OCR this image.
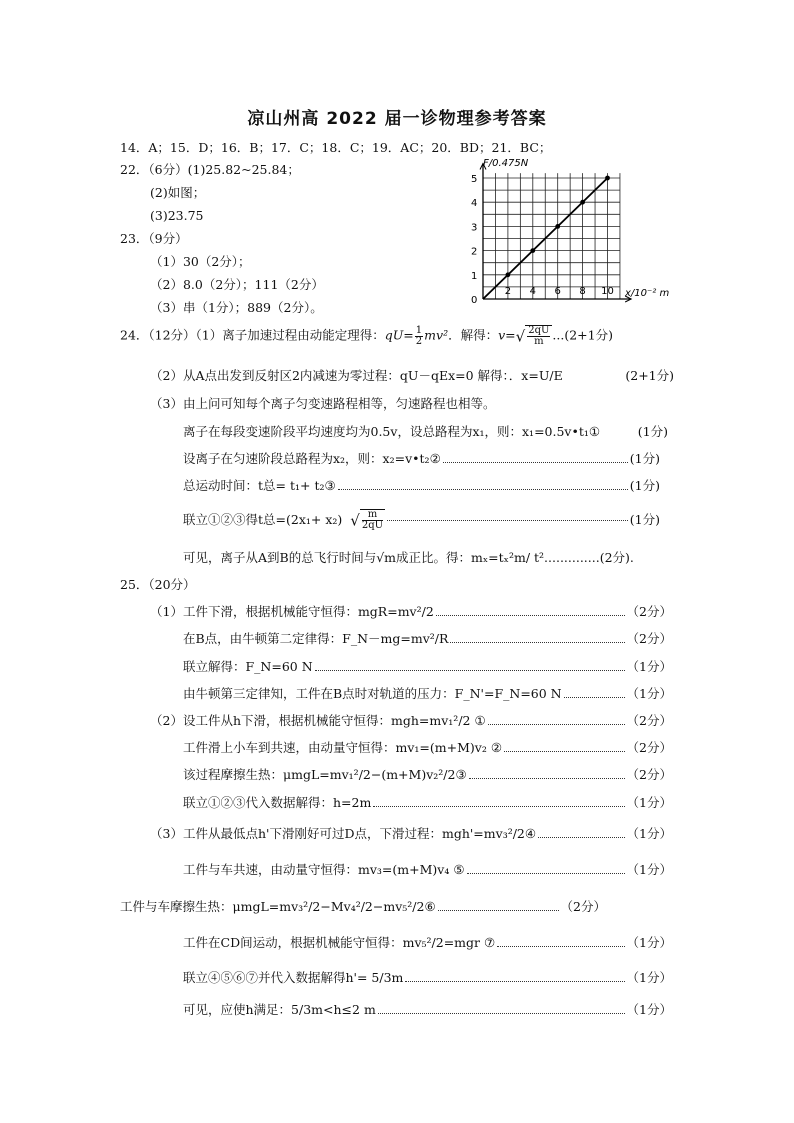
凉山州高 2022 届一诊物理参考答案
14．A；15．D；16．B；17．C；18．C；19．AC；20．BD；21．BC；
22．（6分）(1)25.82~25.84；
(2)如图；
(3)23.75
23．（9分）
（1）30（2分）；
（2）8.0（2分）；111（2分）
（3）串（1分）；889（2分）。	0
1
2
3
4
5
2 4 6 8 10
F/0.475N
x/10⁻² m
24．（12分）（1）离子加速过程由动能定理得：$qU= \frac{1}{2} mv^2$．解得：$v=√ \frac{2qU}{m} ...(2+1$分)
（2）从A点出发到反射区2内减速为零过程：qU－qEx=0 解得：．x=U/E	(2+1分)
（3）由上问可知每个离子匀变速路程相等，匀速路程也相等。
离子在每段变速阶段平均速度均为0.5v，设总路程为x₁，则：x₁=0.5v•t₁①	(1分)
设离子在匀速阶段总路程为x₂，则：x₂=v•t₂②	(1分)
总运动时间：t总= t₁+ t₂③	(1分)
联立①②③得t总=(2x₁+ x₂) √ $\frac{m}{2qU}$	(1分)
可见，离子从A到B的总飞行时间与√m成正比。得：mₓ=tₓ²m/ t²..............(2分).
25．（20分）
（1）工件下滑，根据机械能守恒得：mgR=mv²/2	（2分）
在B点，由牛顿第二定律得：F_N－mg=mv²/R	（2分）
联立解得：F_N=60 N	（1分）
由牛顿第三定律知，工件在B点时对轨道的压力：F_N'=F_N=60 N	（1分）
（2）设工件从h下滑，根据机械能守恒得：mgh=mv₁²/2 ①	（2分）
工件滑上小车到共速，由动量守恒得：mv₁=(m+M)v₂ ②	（2分）
该过程摩擦生热：μmgL=mv₁²/2−(m+M)v₂²/2③	（2分）
联立①②③代入数据解得：h=2m	（1分）
（3）工件从最低点h'下滑刚好可过D点，下滑过程：mgh'=mv₃²/2④	（1分）
工件与车共速，由动量守恒得：mv₃=(m+M)v₄ ⑤	（1分）
工件与车摩擦生热：μmgL=mv₃²/2−Mv₄²/2−mv₅²/2⑥	（2分）
工件在CD间运动，根据机械能守恒得：mv₅²/2=mgr ⑦	（1分）
联立④⑤⑥⑦并代入数据解得h'= 5/3m	（1分）
可见，应使h满足：5/3m<h≤2 m	（1分）
